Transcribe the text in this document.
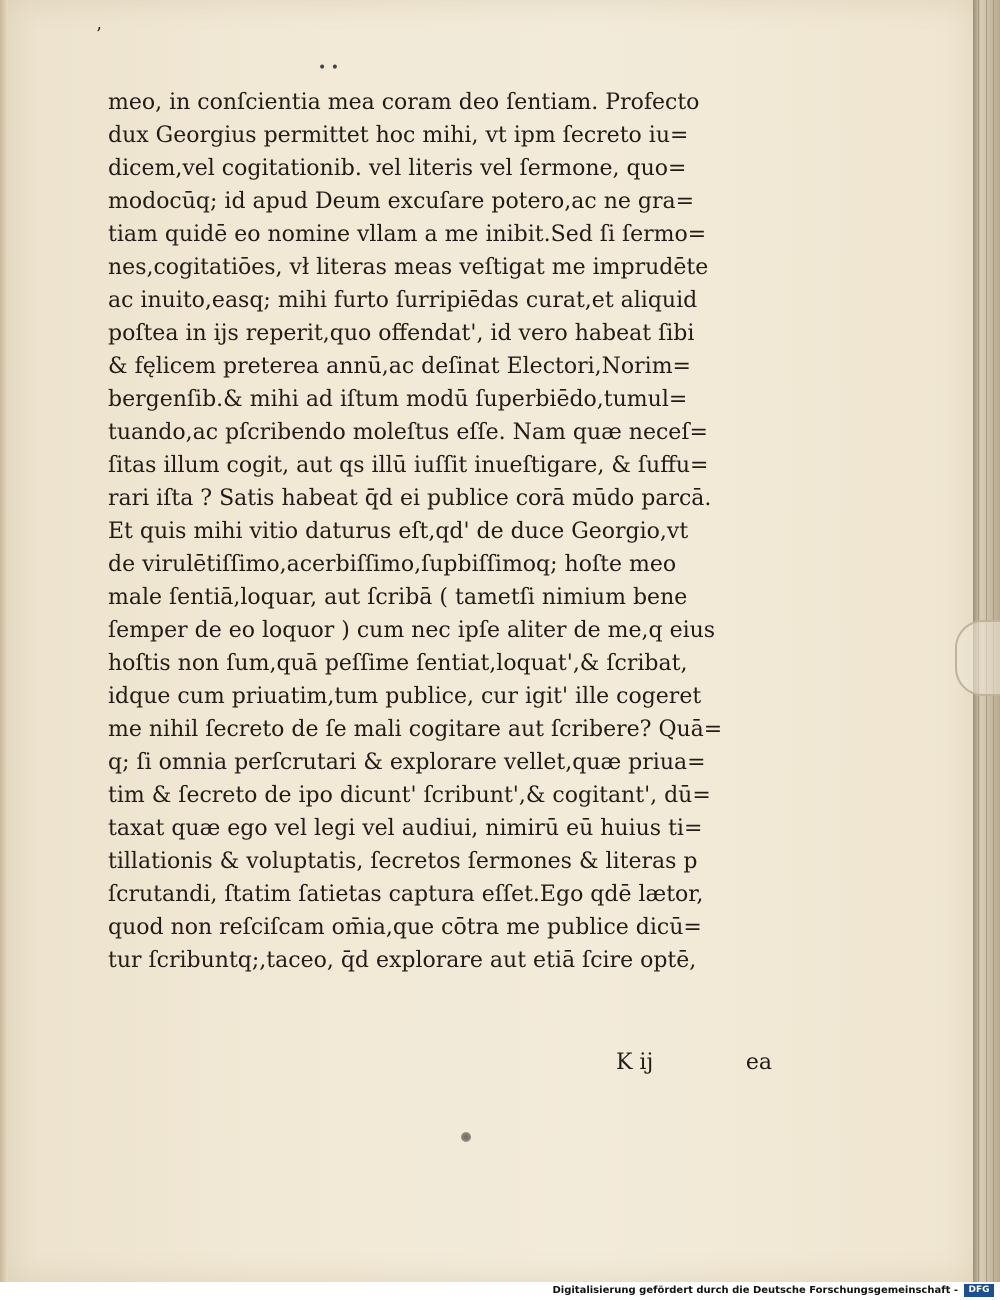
’
• •
meo, in conſcientia mea coram deo ſentiam. Profecto
dux Georgius permittet hoc mihi, vt ipm ſecreto iu=
dicem,vel cogitationib. vel literis vel ſermone, quo=
modocūq; id apud Deum excuſare potero,ac ne gra=
tiam quidē eo nomine vllam a me inibit.Sed ſi ſermo=
nes,cogitatiōes, vł literas meas veſtigat me imprudēte
ac inuito,easq; mihi furto ſurripiēdas curat,et aliquid
poſtea in ijs reperit,quo offendat', id vero habeat ſibi
& fęlicem preterea annū,ac deſinat Electori,Norim=
bergenſib.& mihi ad iſtum modū ſuperbiēdo,tumul=
tuando,ac pſcribendo moleſtus eſſe. Nam quæ neceſ=
ſitas illum cogit, aut qs illū iuſſit inueſtigare, & ſuffu=
rari iſta ? Satis habeat q̄d ei publice corā mūdo parcā.
Et quis mihi vitio daturus eſt,qd' de duce Georgio,vt
de virulētiſſimo,acerbiſſimo,ſupbiſſimoq; hoſte meo
male ſentiā,loquar, aut ſcribā ( tametſi nimium bene
ſemper de eo loquor ) cum nec ipſe aliter de me,q eius
hoſtis non ſum,quā peſſime ſentiat,loquat',& ſcribat,
idque cum priuatim,tum publice, cur igit' ille cogeret
me nihil ſecreto de ſe mali cogitare aut ſcribere? Quā=
q; ſi omnia perſcrutari & explorare vellet,quæ priua=
tim & ſecreto de ipo dicunt' ſcribunt',& cogitant', dū=
taxat quæ ego vel legi vel audiui, nimirū eū huius ti=
tillationis & voluptatis, ſecretos ſermones & literas p
ſcrutandi, ſtatim ſatietas captura eſſet.Ego qdē lætor,
quod non reſciſcam om̄ia,que cōtra me publice dicū=
tur ſcribuntq;,taceo, q̄d explorare aut etiā ſcire optē,
K ij	ea
Digitalisierung gefördert durch die Deutsche Forschungsgemeinschaft -	DFG
